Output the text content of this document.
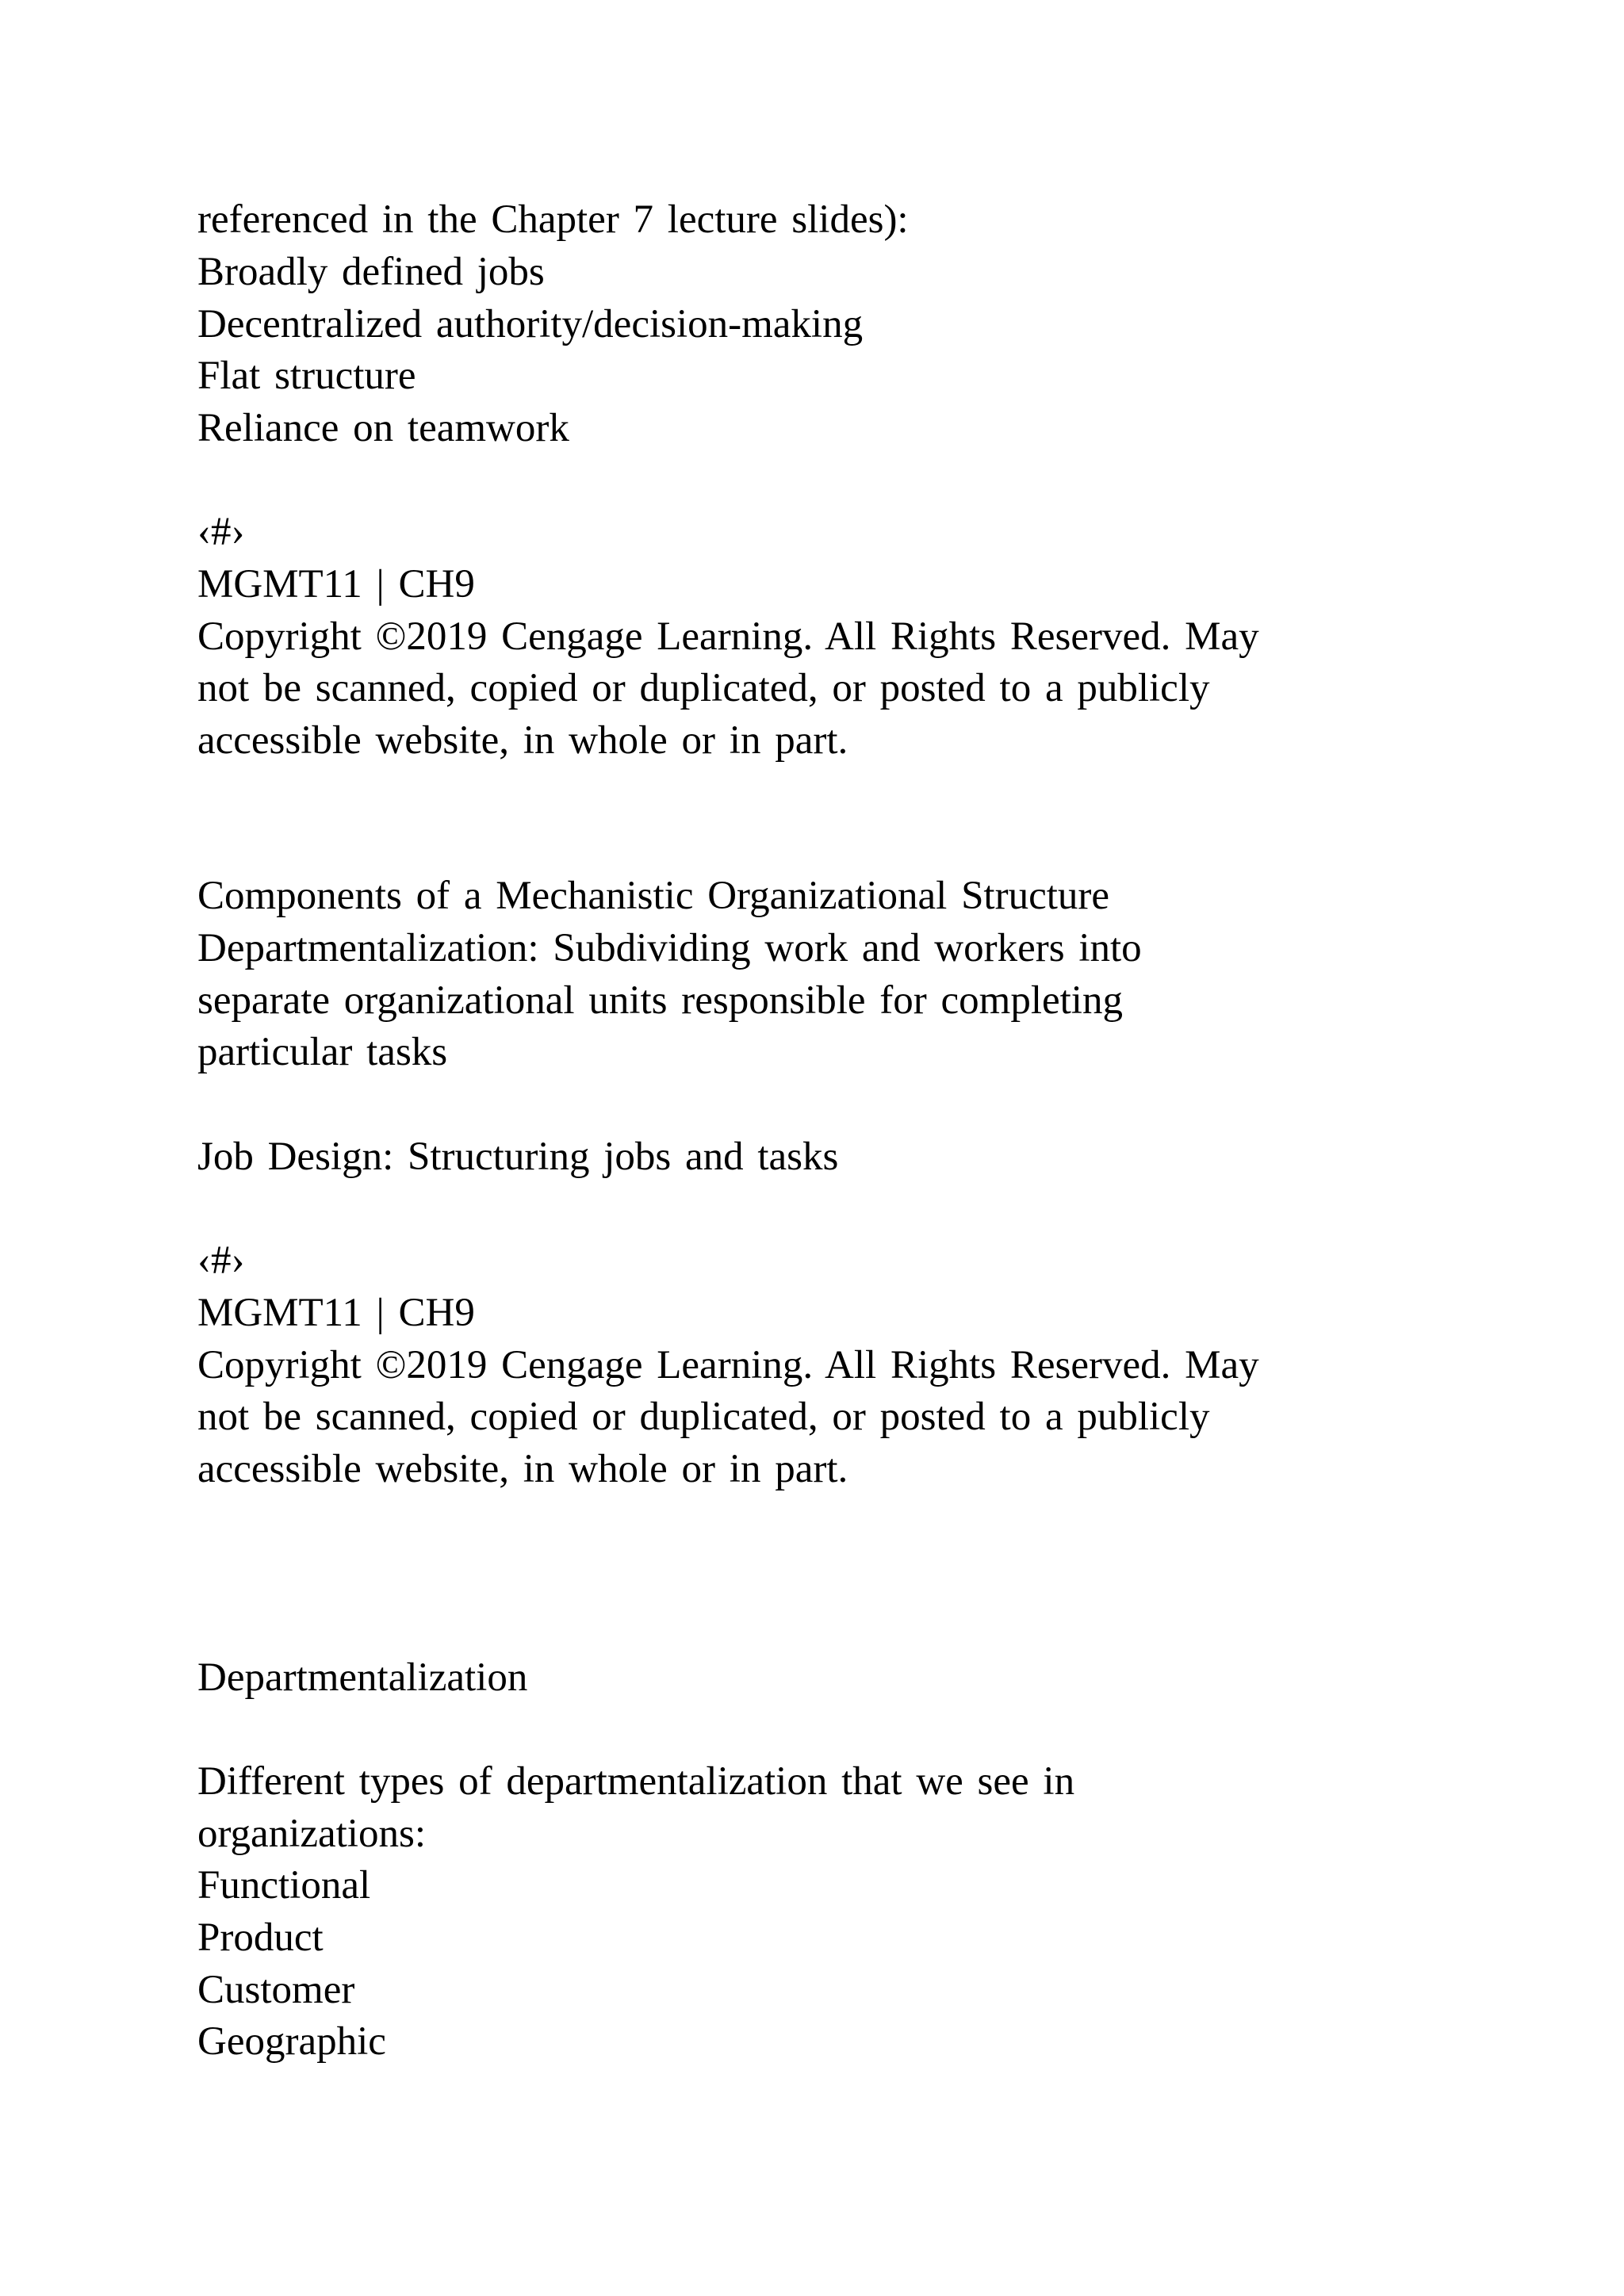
referenced in the Chapter 7 lecture slides):
Broadly defined jobs
Decentralized authority/decision-making
Flat structure
Reliance on teamwork
‹#›
MGMT11 | CH9
Copyright ©2019 Cengage Learning. All Rights Reserved. May
not be scanned, copied or duplicated, or posted to a publicly
accessible website, in whole or in part.
Components of a Mechanistic Organizational Structure
Departmentalization: Subdividing work and workers into
separate organizational units responsible for completing
particular tasks
Job Design: Structuring jobs and tasks
‹#›
MGMT11 | CH9
Copyright ©2019 Cengage Learning. All Rights Reserved. May
not be scanned, copied or duplicated, or posted to a publicly
accessible website, in whole or in part.
Departmentalization
Different types of departmentalization that we see in
organizations:
Functional
Product
Customer
Geographic
